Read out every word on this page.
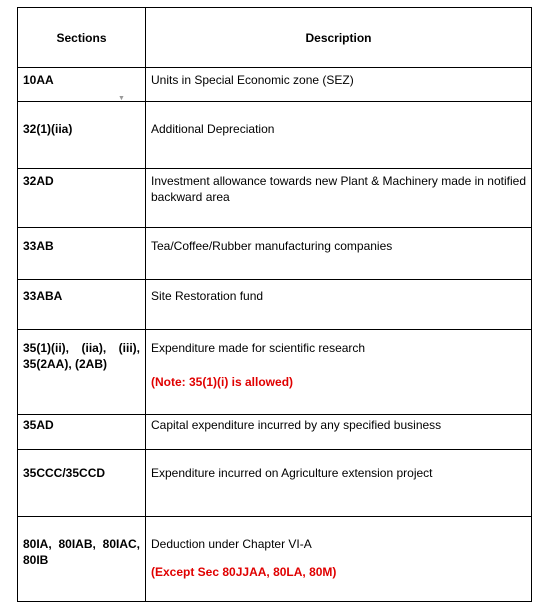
Sections	Description
10AA	Units in Special Economic zone (SEZ)
32(1)(iia)	Additional Depreciation
32AD	Investment allowance towards new Plant & Machinery made in notified backward area
33AB	Tea/Coffee/Rubber manufacturing companies
33ABA	Site Restoration fund
35(1)(ii), (iia), (iii), 35(2AA), (2AB)	Expenditure made for scientific research
(Note: 35(1)(i) is allowed)

35AD	Capital expenditure incurred by any specified business
35CCC/35CCD	Expenditure incurred on Agriculture extension project
80IA, 80IAB, 80IAC, 80IB	Deduction under Chapter VI-A
(Except Sec 80JJAA, 80LA, 80M)
▼
